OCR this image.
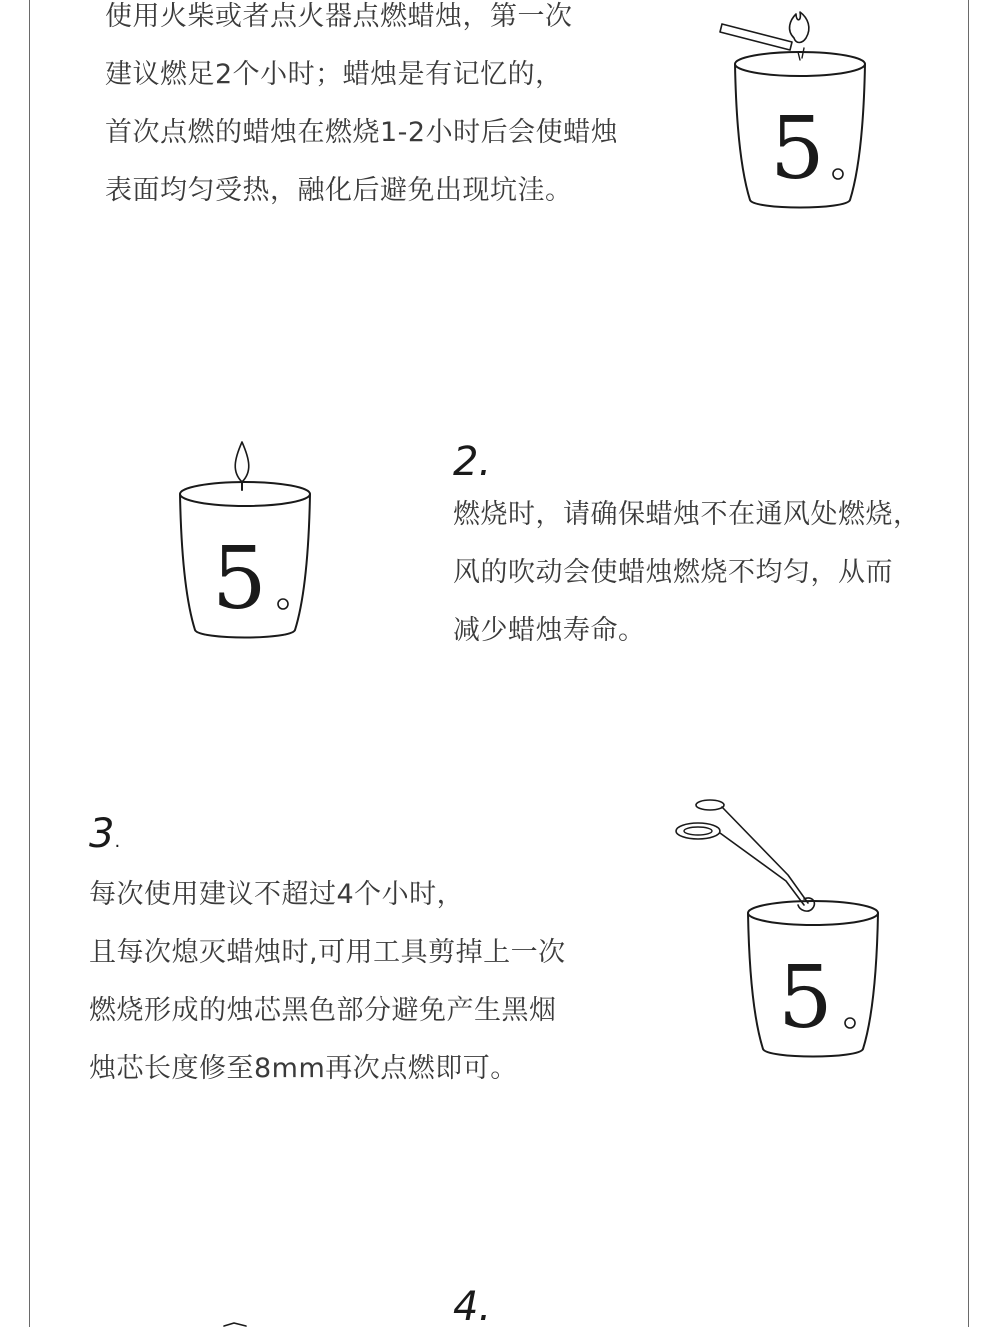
使用火柴或者点火器点燃蜡烛，第一次
建议燃足2个小时；蜡烛是有记忆的，
首次点燃的蜡烛在燃烧1-2小时后会使蜡烛
表面均匀受热，融化后避免出现坑洼。	5
5
2.
燃烧时，请确保蜡烛不在通风处燃烧，
风的吹动会使蜡烛燃烧不均匀，从而
减少蜡烛寿命。
3.
每次使用建议不超过4个小时，
且每次熄灭蜡烛时,可用工具剪掉上一次
燃烧形成的烛芯黑色部分避免产生黑烟
烛芯长度修至8mm再次点燃即可。
5
4.
